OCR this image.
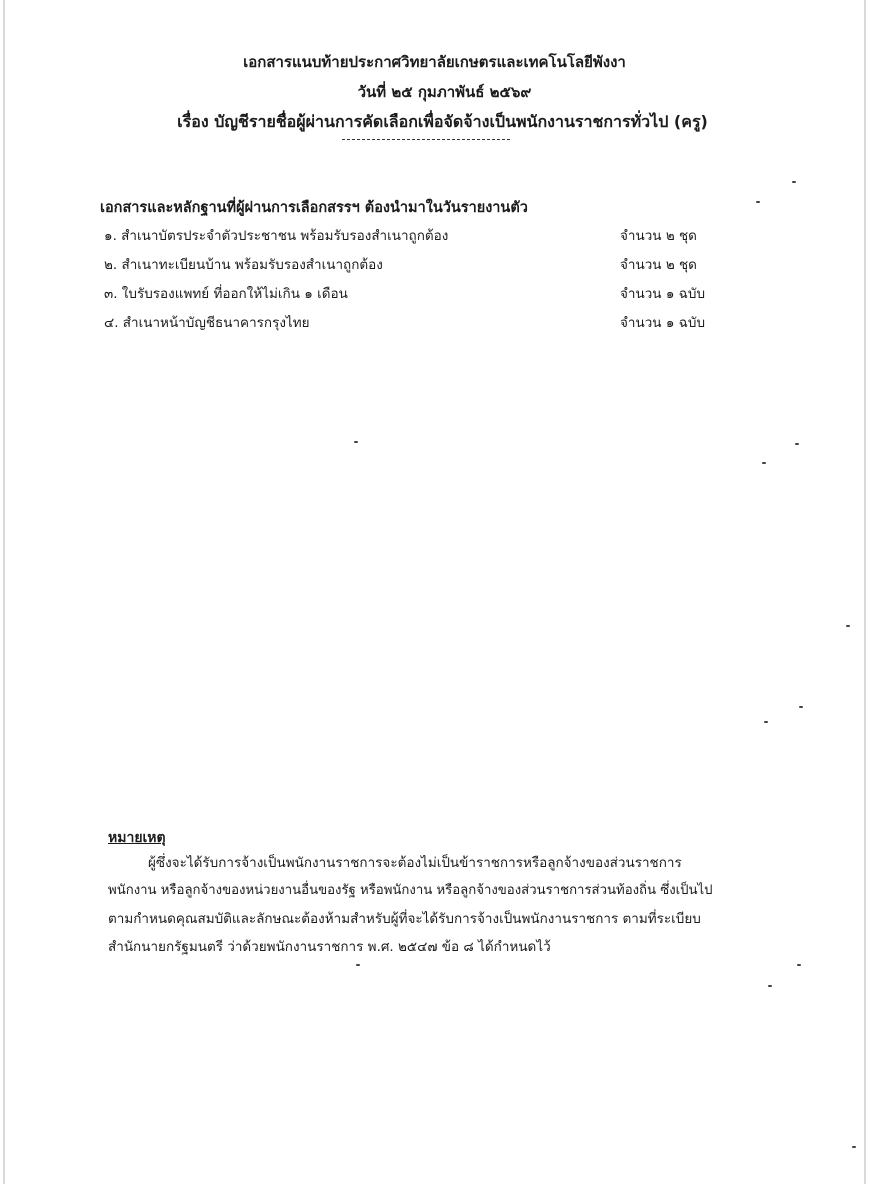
เอกสารแนบท้ายประกาศวิทยาลัยเกษตรและเทคโนโลยีพังงา
วันที่ ๒๕ กุมภาพันธ์ ๒๕๖๙
เรื่อง บัญชีรายชื่อผู้ผ่านการคัดเลือกเพื่อจัดจ้างเป็นพนักงานราชการทั่วไป (ครู)
เอกสารและหลักฐานที่ผู้ผ่านการเลือกสรรฯ ต้องนำมาในวันรายงานตัว
๑. สำเนาบัตรประจำตัวประชาชน พร้อมรับรองสำเนาถูกต้อง	จำนวน ๒ ชุด
๒. สำเนาทะเบียนบ้าน พร้อมรับรองสำเนาถูกต้อง	จำนวน ๒ ชุด
๓. ใบรับรองแพทย์ ที่ออกให้ไม่เกิน ๑ เดือน	จำนวน ๑ ฉบับ
๔. สำเนาหน้าบัญชีธนาคารกรุงไทย	จำนวน ๑ ฉบับ
หมายเหตุ
ผู้ซึ่งจะได้รับการจ้างเป็นพนักงานราชการจะต้องไม่เป็นข้าราชการหรือลูกจ้างของส่วนราชการ
พนักงาน หรือลูกจ้างของหน่วยงานอื่นของรัฐ หรือพนักงาน หรือลูกจ้างของส่วนราชการส่วนท้องถิ่น ซึ่งเป็นไป
ตามกำหนดคุณสมบัติและลักษณะต้องห้ามสำหรับผู้ที่จะได้รับการจ้างเป็นพนักงานราชการ ตามที่ระเบียบ
สำนักนายกรัฐมนตรี ว่าด้วยพนักงานราชการ พ.ศ. ๒๕๔๗ ข้อ ๘ ได้กำหนดไว้
